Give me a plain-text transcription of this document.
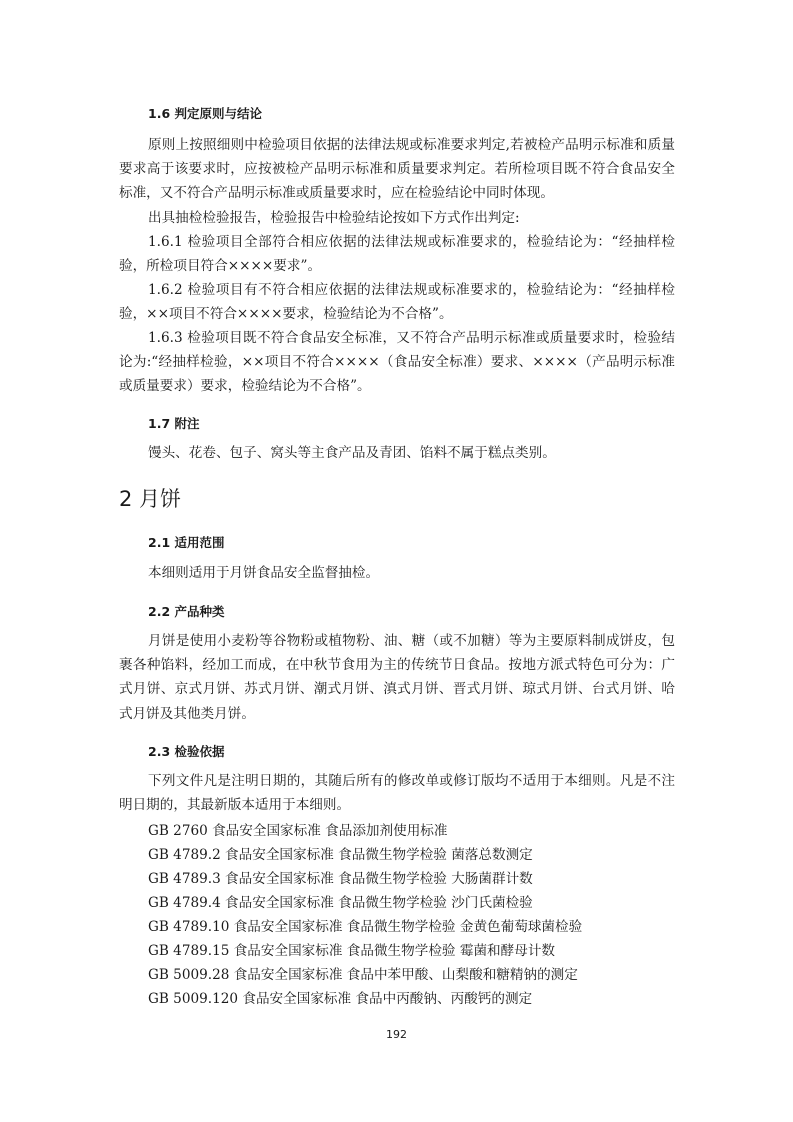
1.6 判定原则与结论

原则上按照细则中检验项目依据的法律法规或标准要求判定,若被检产品明示标准和质量要求高于该要求时，应按被检产品明示标准和质量要求判定。若所检项目既不符合食品安全标准，又不符合产品明示标准或质量要求时，应在检验结论中同时体现。

出具抽检检验报告，检验报告中检验结论按如下方式作出判定:

1.6.1 检验项目全部符合相应依据的法律法规或标准要求的，检验结论为：“经抽样检验，所检项目符合××××要求”。

1.6.2 检验项目有不符合相应依据的法律法规或标准要求的，检验结论为：“经抽样检验，××项目不符合××××要求，检验结论为不合格”。

1.6.3 检验项目既不符合食品安全标准，又不符合产品明示标准或质量要求时，检验结论为:“经抽样检验，××项目不符合××××（食品安全标准）要求、××××（产品明示标准或质量要求）要求，检验结论为不合格”。

1.7 附注

馒头、花卷、包子、窝头等主食产品及青团、馅料不属于糕点类别。

2 月饼
2.1 适用范围

本细则适用于月饼食品安全监督抽检。

2.2 产品种类

月饼是使用小麦粉等谷物粉或植物粉、油、糖（或不加糖）等为主要原料制成饼皮，包裹各种馅料，经加工而成，在中秋节食用为主的传统节日食品。按地方派式特色可分为：广式月饼、京式月饼、苏式月饼、潮式月饼、滇式月饼、晋式月饼、琼式月饼、台式月饼、哈式月饼及其他类月饼。

2.3 检验依据

下列文件凡是注明日期的，其随后所有的修改单或修订版均不适用于本细则。凡是不注明日期的，其最新版本适用于本细则。

GB 2760 食品安全国家标准 食品添加剂使用标准
GB 4789.2 食品安全国家标准 食品微生物学检验 菌落总数测定
GB 4789.3 食品安全国家标准 食品微生物学检验 大肠菌群计数
GB 4789.4 食品安全国家标准 食品微生物学检验 沙门氏菌检验
GB 4789.10 食品安全国家标准 食品微生物学检验 金黄色葡萄球菌检验
GB 4789.15 食品安全国家标准 食品微生物学检验 霉菌和酵母计数
GB 5009.28 食品安全国家标准 食品中苯甲酸、山梨酸和糖精钠的测定
GB 5009.120 食品安全国家标准 食品中丙酸钠、丙酸钙的测定
192
